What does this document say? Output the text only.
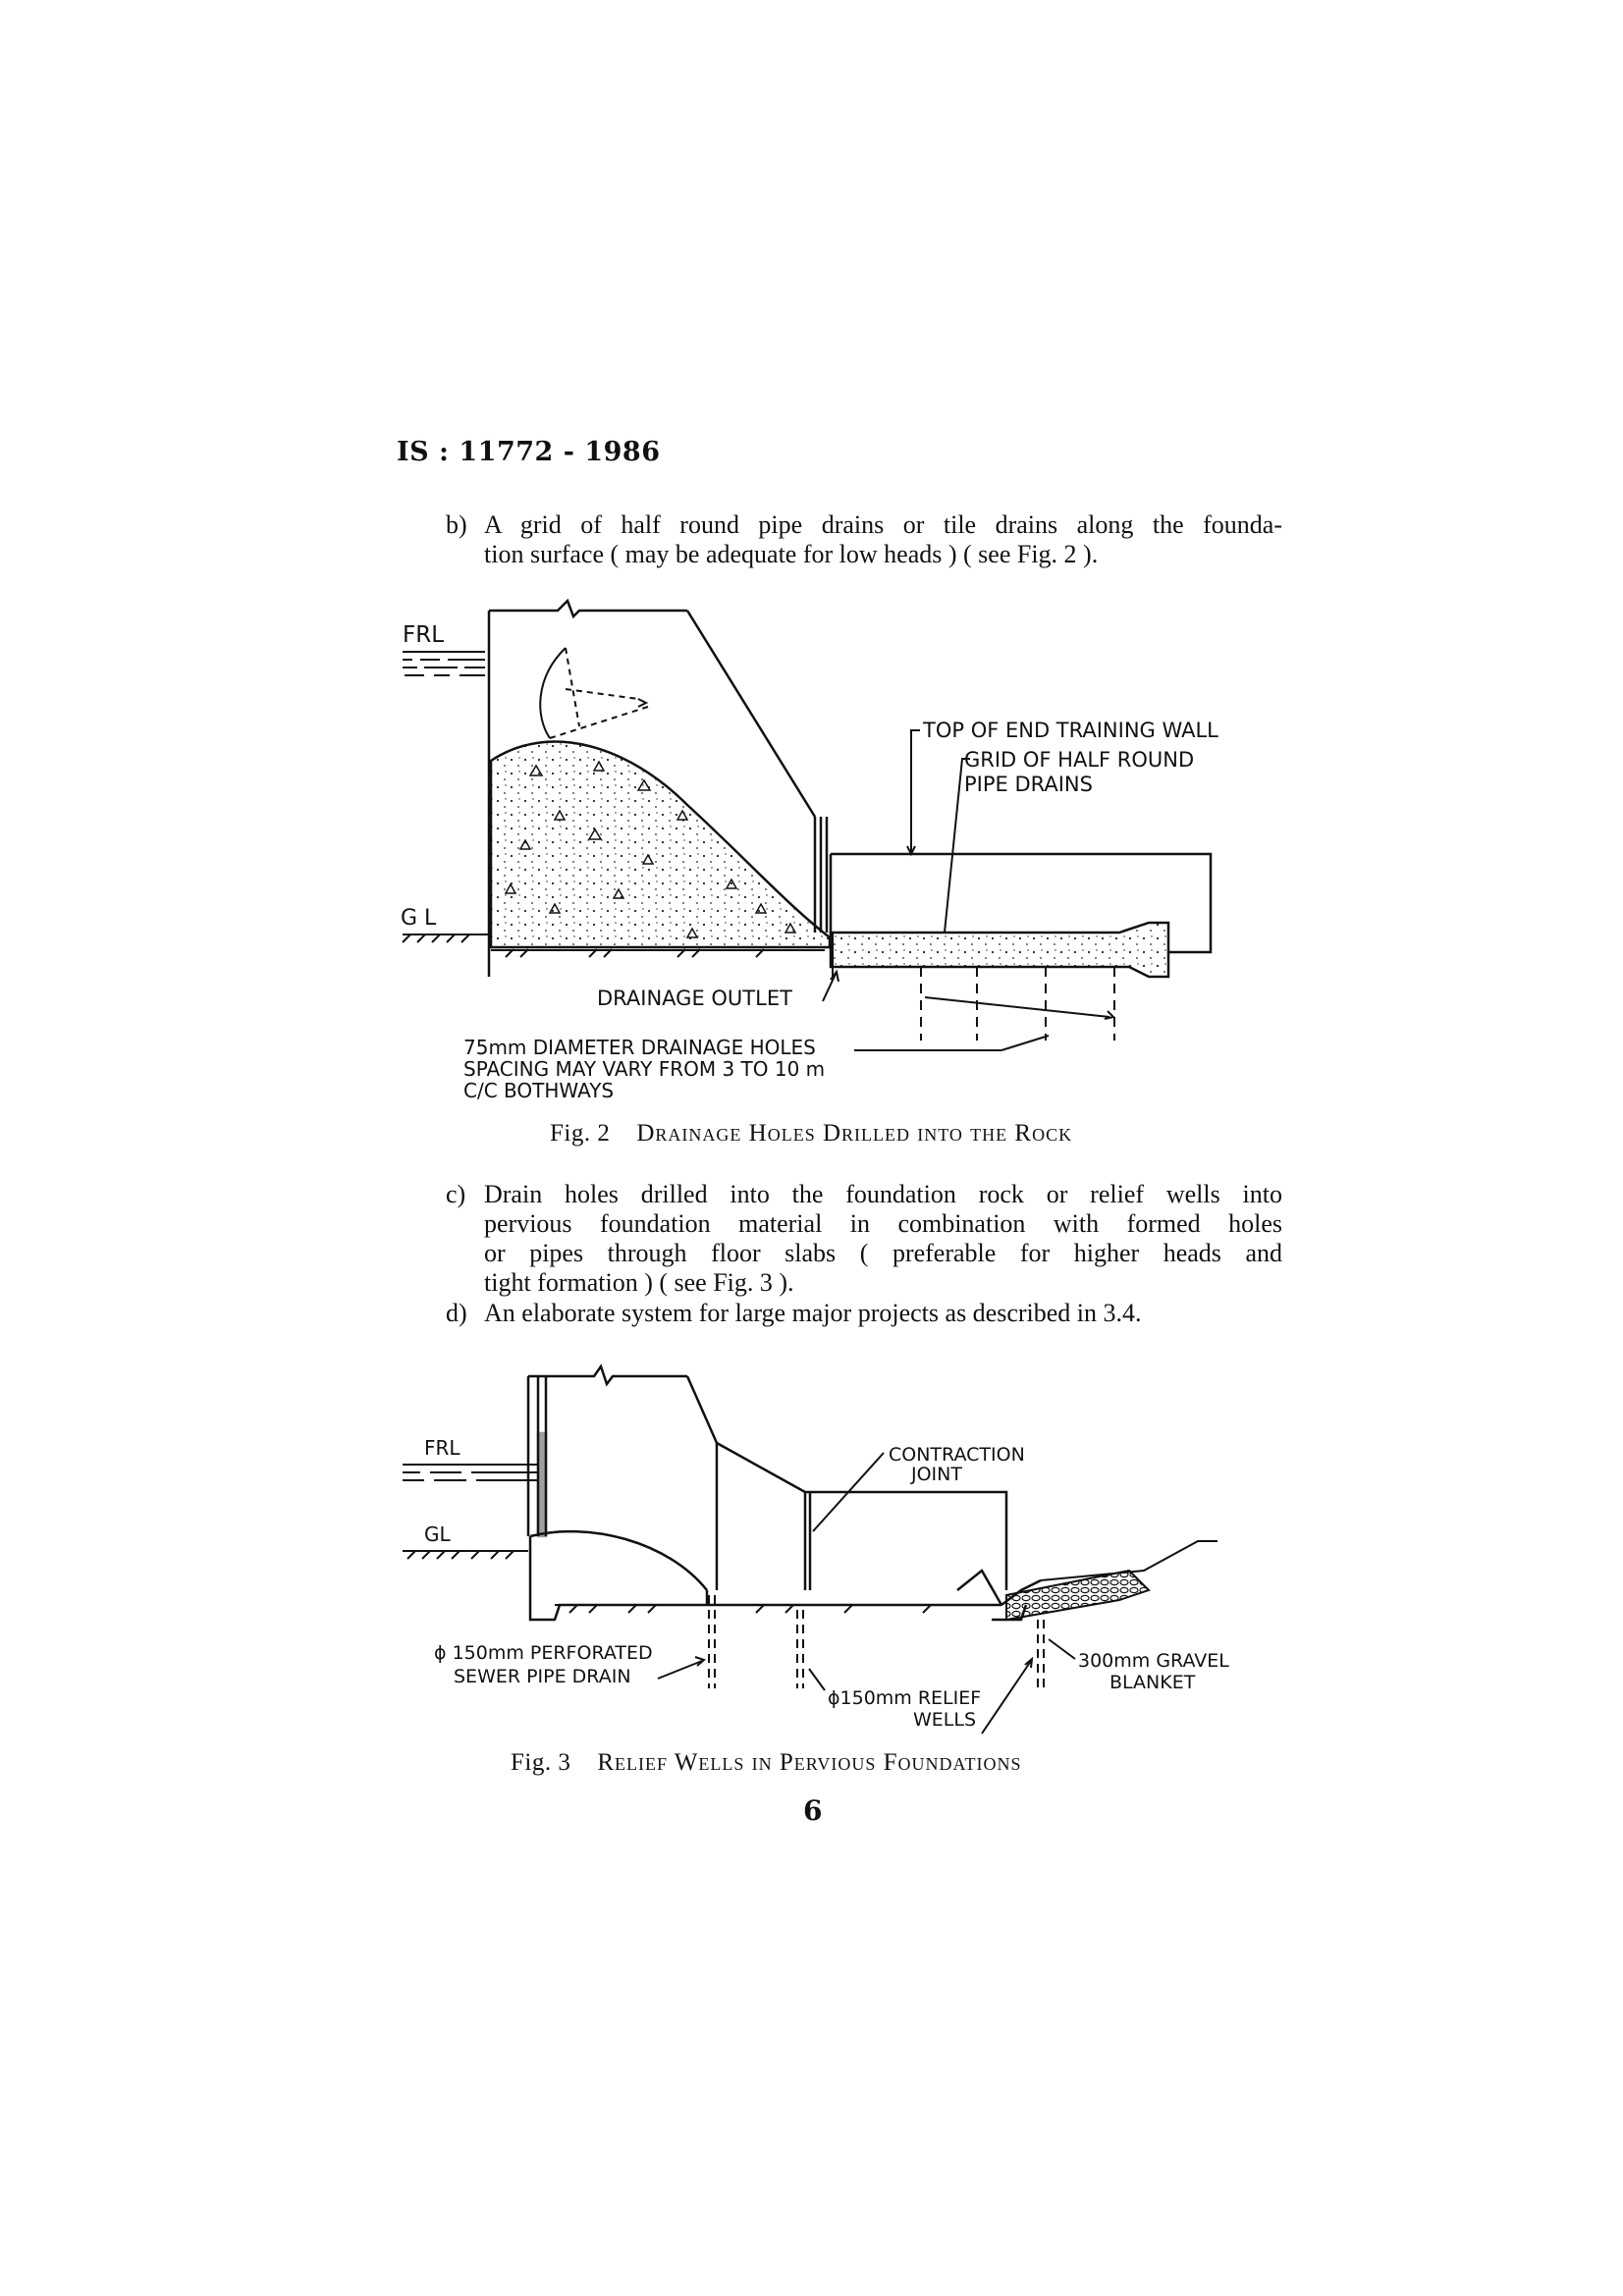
IS : 11772 - 1986
b) A grid of half round pipe drains or tile drains along the founda-
tion surface ( may be adequate for low heads ) ( see Fig. 2 ).
FRL
G L
TOP OF END TRAINING WALL
GRID OF HALF ROUND
PIPE DRAINS
DRAINAGE OUTLET
75mm DIAMETER DRAINAGE HOLES
SPACING MAY VARY FROM 3 TO 10 m
C/C BOTHWAYS
Fig. 2 Drainage Holes Drilled into the Rock
c) Drain holes drilled into the foundation rock or relief wells into
pervious foundation material in combination with formed holes
or pipes through floor slabs ( preferable for higher heads and
tight formation ) ( see Fig. 3 ).
d) An elaborate system for large major projects as described in 3.4.
FRL
GL
CONTRACTION
JOINT
ɸ 150mm PERFORATED
SEWER PIPE DRAIN
ɸ150mm RELIEF
WELLS
300mm GRAVEL
BLANKET
Fig. 3 Relief Wells in Pervious Foundations
6
